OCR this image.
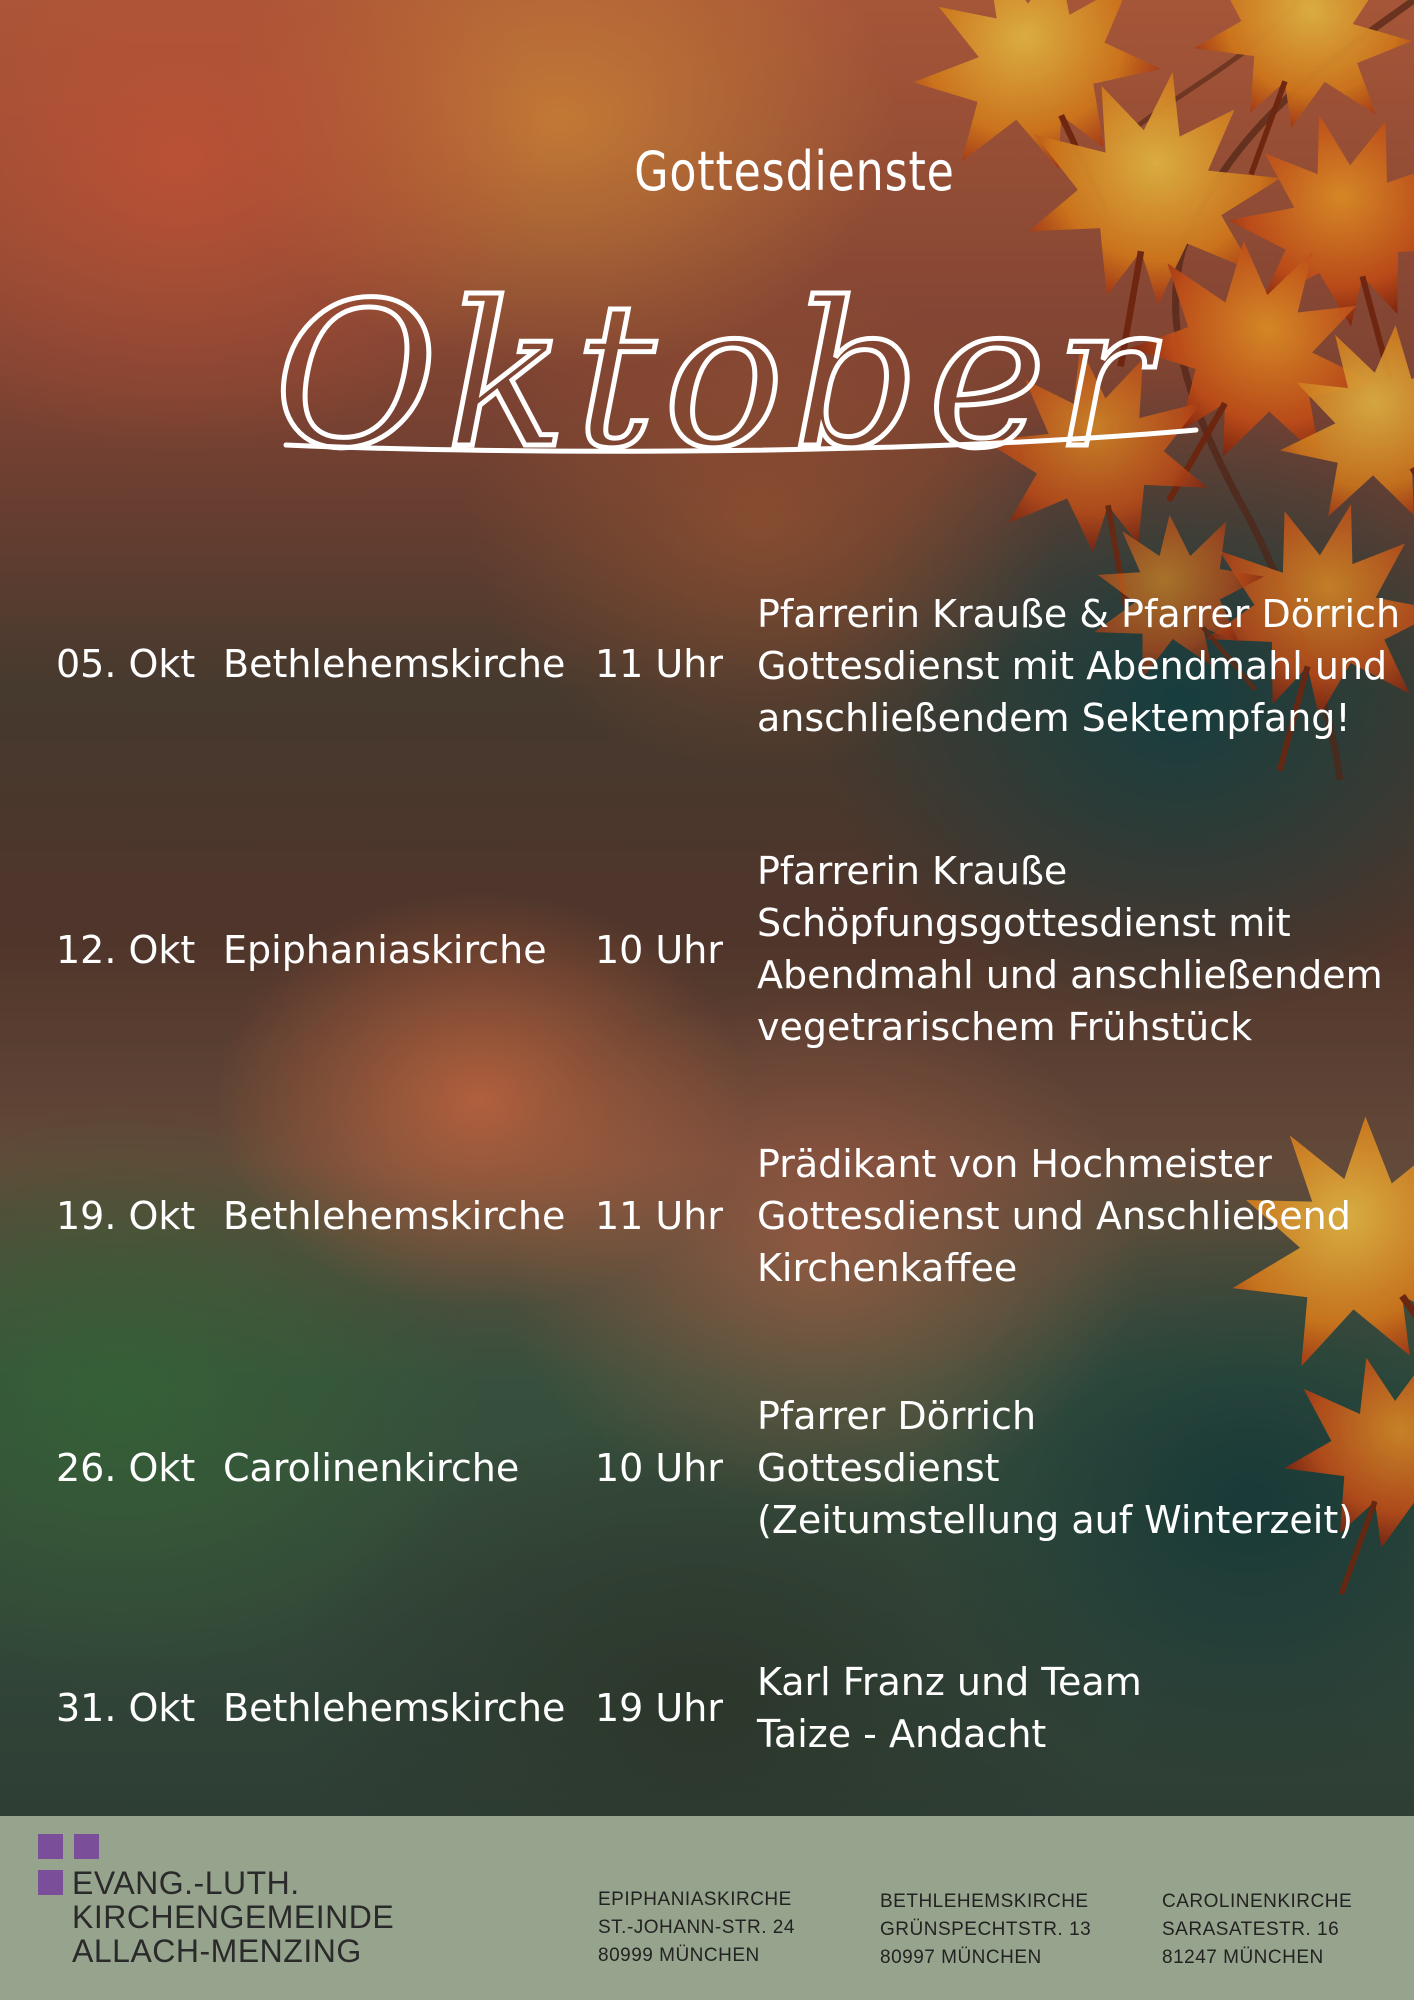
Gottesdienste
Oktober
05. Okt Bethlehemskirche 11 Uhr
Pfarrerin Kraußе & Pfarrer Dörrich
Gottesdienst mit Abendmahl und
anschließendem Sektempfang!
12. Okt Epiphaniaskirche 10 Uhr
Pfarrerin Krauße
Schöpfungsgottesdienst mit
Abendmahl und anschließendem
vegetrarischem Frühstück
19. Okt Bethlehemskirche 11 Uhr
Prädikant von Hochmeister
Gottesdienst und Anschließend
Kirchenkaffee
26. Okt Carolinenkirche 10 Uhr
Pfarrer Dörrich
Gottesdienst
(Zeitumstellung auf Winterzeit)
31. Okt Bethlehemskirche 19 Uhr
Karl Franz und Team
Taize - Andacht
EVANG.-LUTH.
KIRCHENGEMEINDE
ALLACH-MENZING
EPIPHANIASKIRCHE
ST.-JOHANN-STR. 24
80999 MÜNCHEN
BETHLEHEMSKIRCHE
GRÜNSPECHTSTR. 13
80997 MÜNCHEN
CAROLINENKIRCHE
SARASATESTR. 16
81247 MÜNCHEN
